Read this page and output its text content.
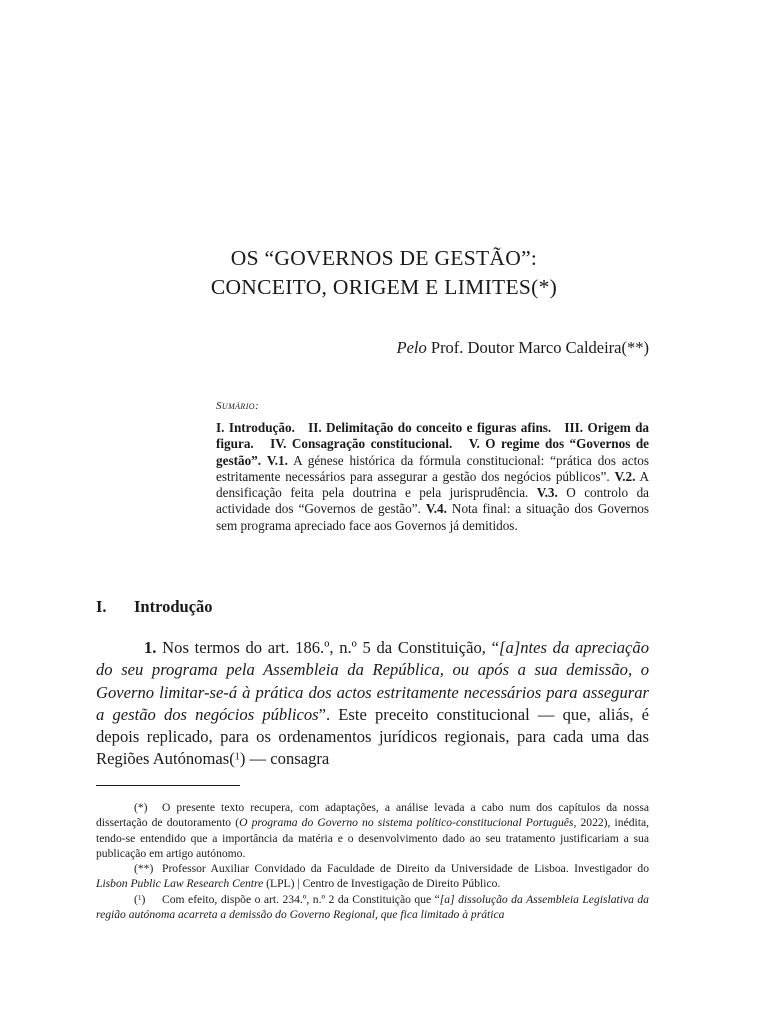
OS “GOVERNOS DE GESTÃO”:
CONCEITO, ORIGEM E LIMITES(*)
Pelo Prof. Doutor Marco Caldeira(**)
Sumário:
I. Introdução. II. Delimitação do conceito e figuras afins. III. Origem da figura. IV. Consagração constitucional. V. O regime dos “Governos de gestão”. V.1. A génese histórica da fórmula constitucional: “prática dos actos estritamente necessários para assegurar a gestão dos negócios públicos”. V.2. A densificação feita pela doutrina e pela jurisprudência. V.3. O controlo da actividade dos “Governos de gestão”. V.4. Nota final: a situação dos Governos sem programa apreciado face aos Governos já demitidos.
I. Introdução
1. Nos termos do art. 186.º, n.º 5 da Constituição, “[a]ntes da apreciação do seu programa pela Assembleia da República, ou após a sua demissão, o Governo limitar-se-á à prática dos actos estritamente necessários para assegurar a gestão dos negócios públicos”. Este preceito constitucional — que, aliás, é depois replicado, para os ordenamentos jurídicos regionais, para cada uma das Regiões Autónomas($^1$) — consagra

(*) O presente texto recupera, com adaptações, a análise levada a cabo num dos capítulos da nossa dissertação de doutoramento (O programa do Governo no sistema político-constitucional Português, 2022), inédita, tendo-se entendido que a importância da matéria e o desenvolvimento dado ao seu tratamento justificariam a sua publicação em artigo autónomo.

(**) Professor Auxiliar Convidado da Faculdade de Direito da Universidade de Lisboa. Investigador do Lisbon Public Law Research Centre (LPL) | Centro de Investigação de Direito Público.

($^1$) Com efeito, dispõe o art. 234.º, n.º 2 da Constituição que “[a] dissolução da Assembleia Legislativa da região autónoma acarreta a demissão do Governo Regional, que fica limitado à prática
